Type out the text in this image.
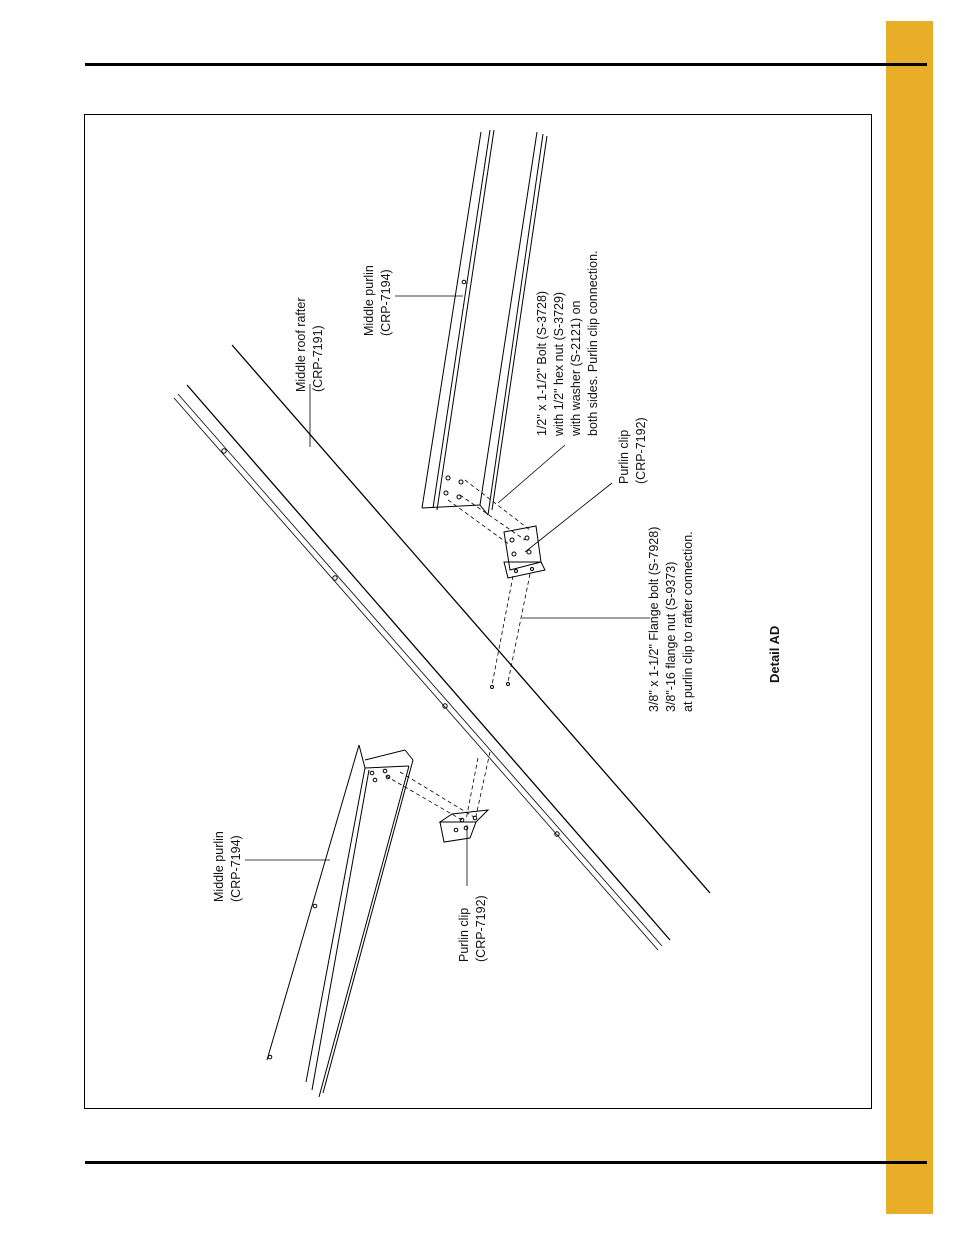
Middle roof rafter (CRP-7191)
Middle purlin (CRP-7194)	1/2" x 1-1/2" Bolt (S-3728) with 1/2" hex nut (S-3729) with washer (S-2121) on both sides. Purlin clip connection.
Purlin clip (CRP-7192)
3/8" x 1-1/2" Flange bolt (S-7928) 3/8"-16 flange nut (S-9373) at purlin clip to rafter connection.	Detail AD
Middle purlin (CRP-7194)
Purlin clip (CRP-7192)
